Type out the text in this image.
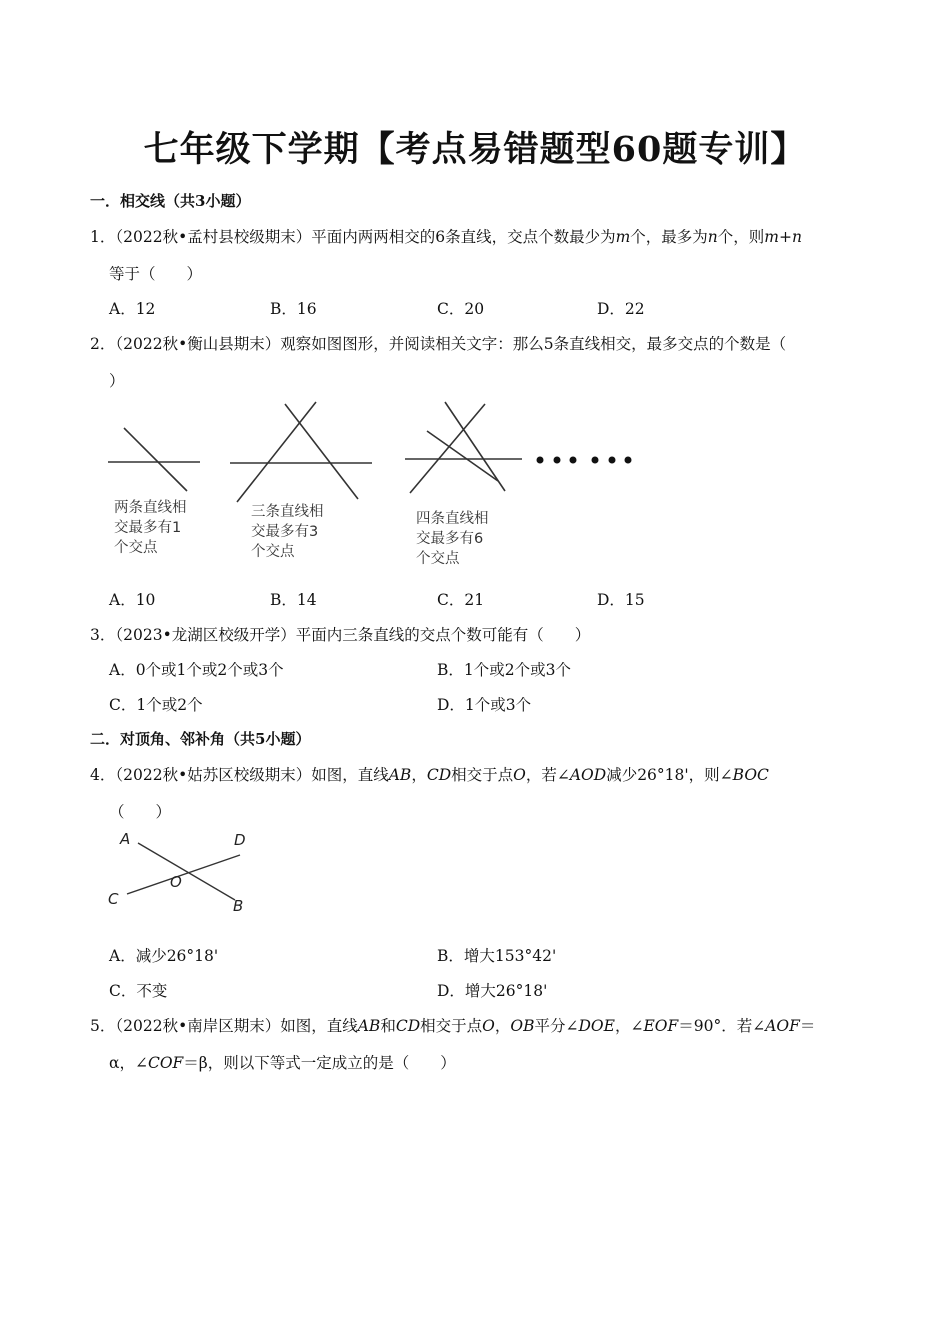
七年级下学期【考点易错题型60题专训】
一．相交线（共3小题）
1．（2022秋•孟村县校级期末）平面内两两相交的6条直线，交点个数最少为m个，最多为n个，则m+n
等于（　　）
A．12	B．16	C．20	D．22
2．（2022秋•衡山县期末）观察如图图形，并阅读相关文字：那么5条直线相交，最多交点的个数是（
）
两条直线相
交最多有1
个交点
三条直线相
交最多有3
个交点
四条直线相
交最多有6
个交点
A．10	B．14	C．21	D．15
3．（2023•龙湖区校级开学）平面内三条直线的交点个数可能有（　　）
A．0个或1个或2个或3个	B．1个或2个或3个
C．1个或2个	D．1个或3个
二．对顶角、邻补角（共5小题）
4．（2022秋•姑苏区校级期末）如图，直线AB，CD相交于点O，若∠AOD减少26°18'，则∠BOC
（　　）
A	D
O
C	B
A．减少26°18'	B．增大153°42'
C．不变	D．增大26°18'
5．（2022秋•南岸区期末）如图，直线AB和CD相交于点O，OB平分∠DOE，∠EOF＝90°．若∠AOF＝
α，∠COF＝β，则以下等式一定成立的是（　　）
